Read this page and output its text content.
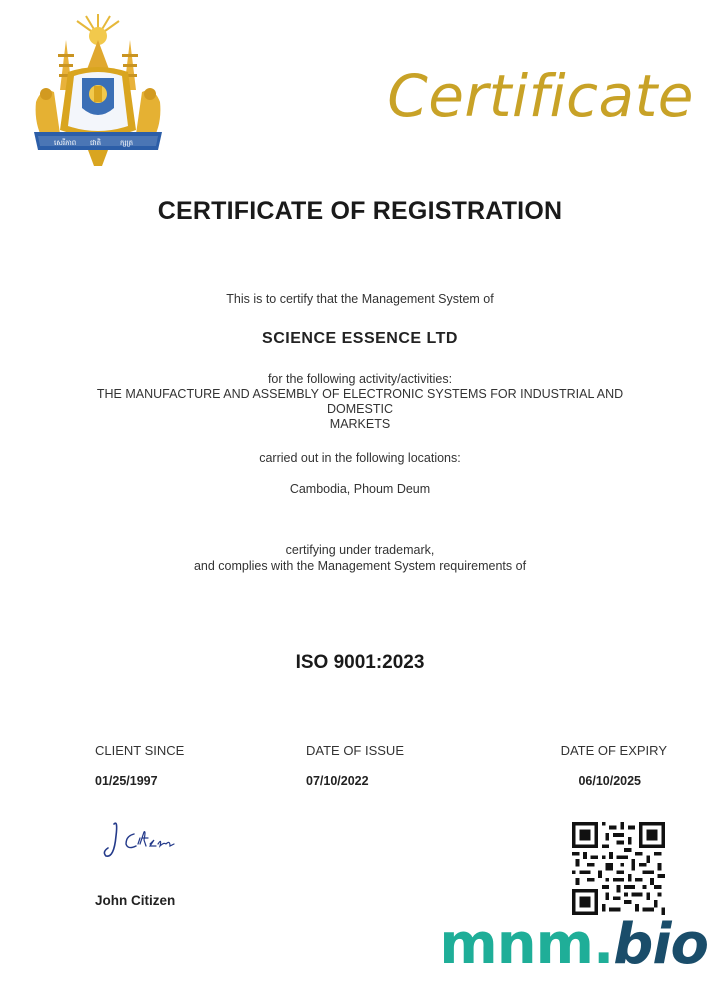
សេរីភាព ជាតិ	ក្សត្រ
Certificate
CERTIFICATE OF REGISTRATION
This is to certify that the Management System of
SCIENCE ESSENCE LTD
for the following activity/activities:
THE MANUFACTURE AND ASSEMBLY OF ELECTRONIC SYSTEMS FOR INDUSTRIAL AND
DOMESTIC
MARKETS
carried out in the following locations:
Cambodia, Phoum Deum
certifying under trademark,
and complies with the Management System requirements of
ISO 9001:2023
CLIENT SINCE	DATE OF ISSUE	DATE OF EXPIRY
01/25/1997	07/10/2022	06/10/2025
John Citizen
mnm.bio
